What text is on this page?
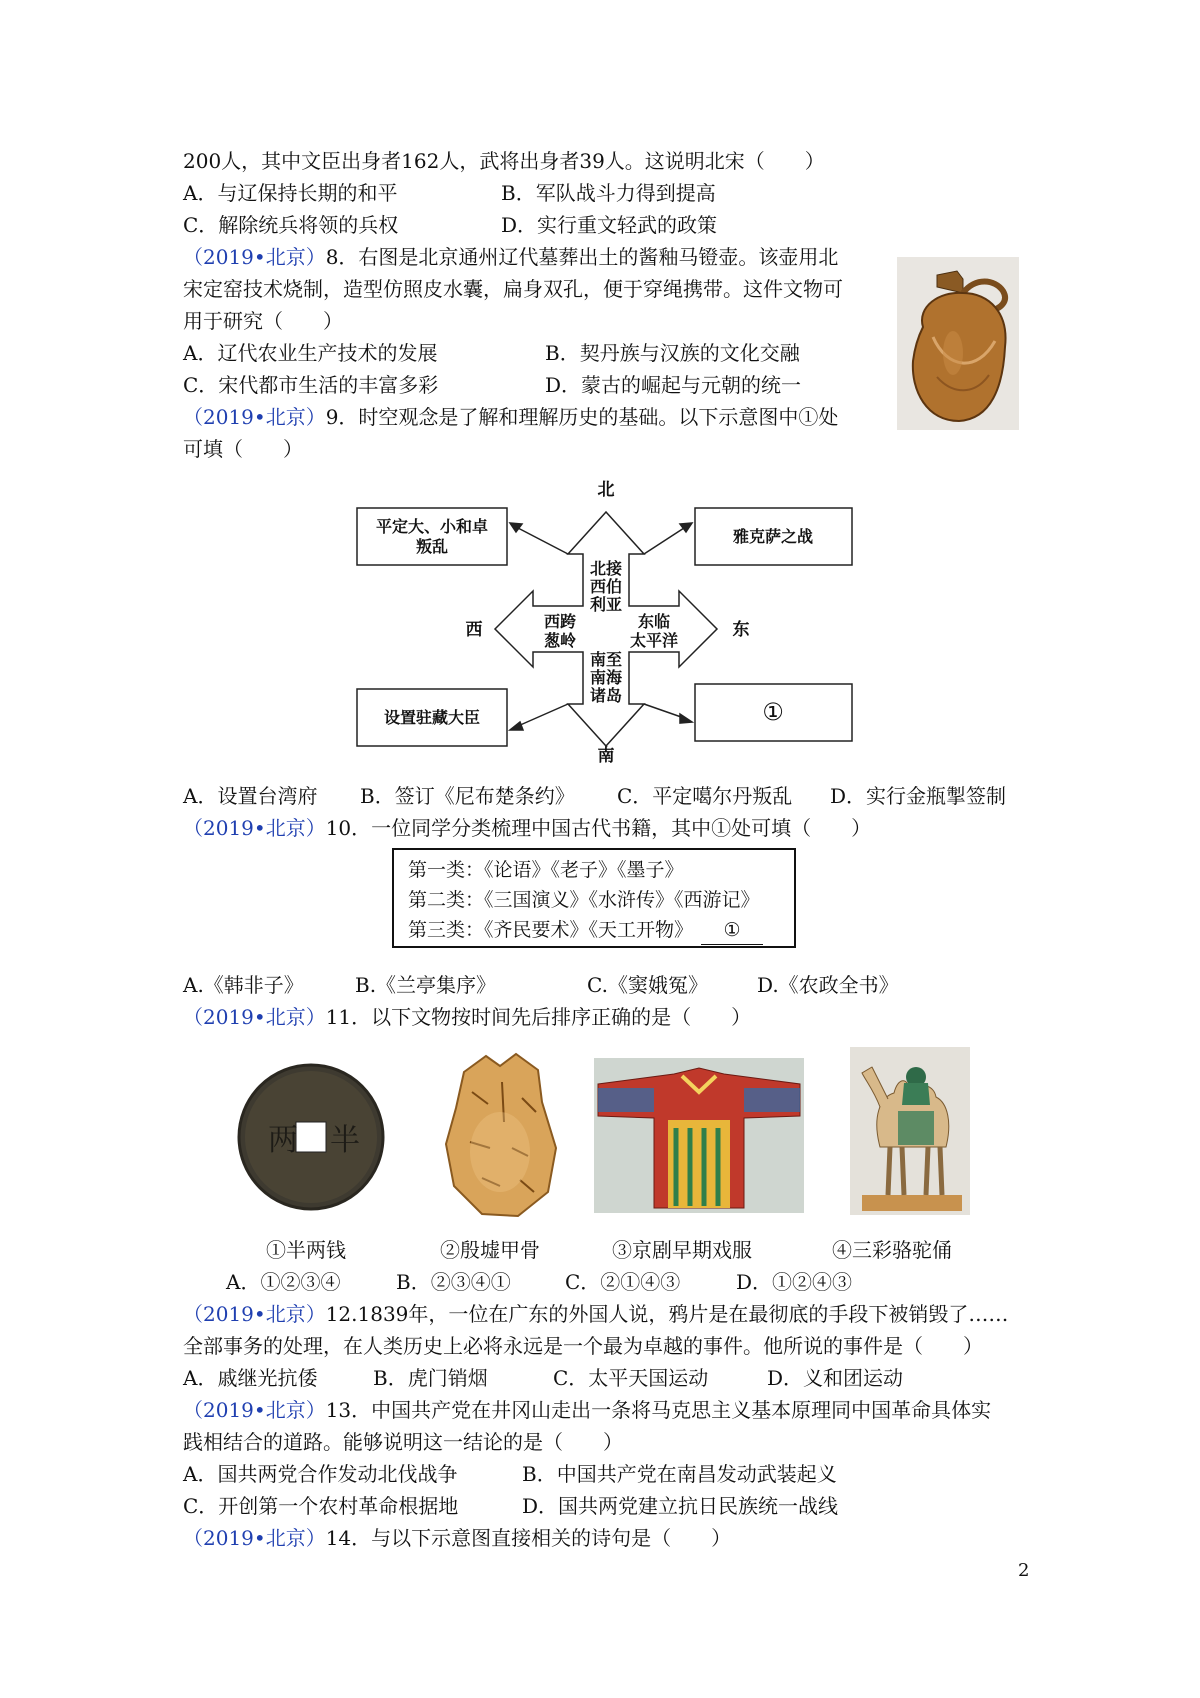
200人，其中文臣出身者162人，武将出身者39人。这说明北宋（　　）
A．与辽保持长期的和平	B．军队战斗力得到提高
C．解除统兵将领的兵权	D．实行重文轻武的政策
（2019•北京）8．右图是北京通州辽代墓葬出土的酱釉马镫壶。该壶用北
宋定窑技术烧制，造型仿照皮水囊，扁身双孔，便于穿绳携带。这件文物可
用于研究（　　）
A．辽代农业生产技术的发展	B．契丹族与汉族的文化交融
C．宋代都市生活的丰富多彩	D．蒙古的崛起与元朝的统一
（2019•北京）9．时空观念是了解和理解历史的基础。以下示意图中①处
可填（　　）
北
南
西	东
北接
西伯
利亚
西跨
葱岭
东临
太平洋
南至
南海
诸岛
平定大、小和卓
叛乱
雅克萨之战
设置驻藏大臣	①
A．设置台湾府 B．签订《尼布楚条约》 C．平定噶尔丹叛乱 D．实行金瓶掣签制
（2019•北京）10．一位同学分类梳理中国古代书籍，其中①处可填（　　）
第一类：《论语》《老子》《墨子》
第二类：《三国演义》《水浒传》《西游记》
第三类：《齐民要术》《天工开物》 ①
A.《韩非子》	B.《兰亭集序》	C.《窦娥冤》 D.《农政全书》
（2019•北京）11．以下文物按时间先后排序正确的是（　　）
两 半
①半两钱	②殷墟甲骨	③京剧早期戏服	④三彩骆驼俑
A．①②③④	B．②③④①	C．②①④③	D．①②④③
（2019•北京）12.1839年，一位在广东的外国人说，鸦片是在最彻底的手段下被销毁了……
全部事务的处理，在人类历史上必将永远是一个最为卓越的事件。他所说的事件是（　　）
A．戚继光抗倭	B．虎门销烟	C．太平天国运动	D．义和团运动
（2019•北京）13．中国共产党在井冈山走出一条将马克思主义基本原理同中国革命具体实
践相结合的道路。能够说明这一结论的是（　　）
A．国共两党合作发动北伐战争	B．中国共产党在南昌发动武装起义
C．开创第一个农村革命根据地	D．国共两党建立抗日民族统一战线
（2019•北京）14．与以下示意图直接相关的诗句是（　　）
2
